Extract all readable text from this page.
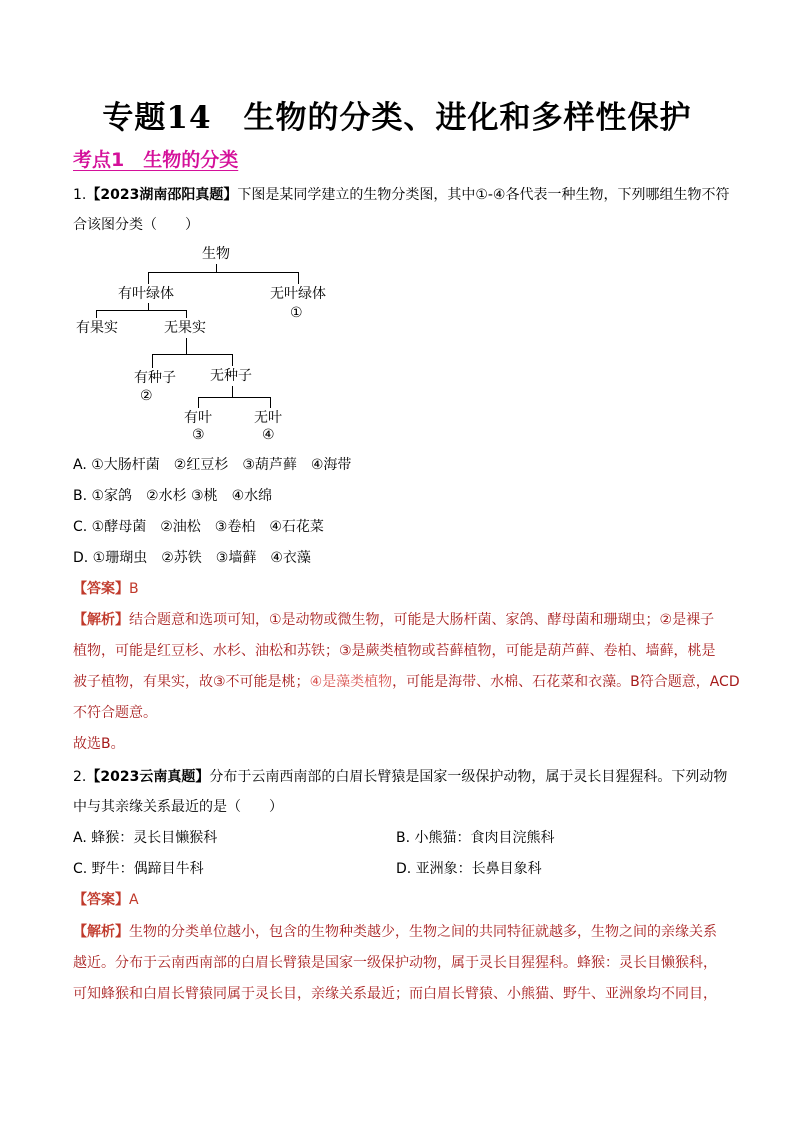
专题14　生物的分类、进化和多样性保护
考点1　生物的分类
1.【2023湖南邵阳真题】下图是某同学建立的生物分类图，其中①-④各代表一种生物，下列哪组生物不符
合该图分类（　　）
生物
有叶绿体	无叶绿体
①
有果实	无果实
有种子
②
无种子
有叶
③
无叶
④
A. ①大肠杆菌　②红豆杉　③葫芦藓　④海带
B. ①家鸽　②水杉 ③桃　④水绵
C. ①酵母菌　②油松　③卷柏　④石花菜
D. ①珊瑚虫　②苏铁　③墙藓　④衣藻
【答案】B
【解析】结合题意和选项可知，①是动物或微生物，可能是大肠杆菌、家鸽、酵母菌和珊瑚虫；②是裸子
植物，可能是红豆杉、水杉、油松和苏铁；③是蕨类植物或苔藓植物，可能是葫芦藓、卷柏、墙藓，桃是
被子植物，有果实，故③不可能是桃；④是藻类植物，可能是海带、水棉、石花菜和衣藻。B符合题意，ACD
不符合题意。
故选B。
2.【2023云南真题】分布于云南西南部的白眉长臂猿是国家一级保护动物，属于灵长目猩猩科。下列动物
中与其亲缘关系最近的是（　　）
A. 蜂猴：灵长目懒猴科	B. 小熊猫：食肉目浣熊科
C. 野牛：偶蹄目牛科	D. 亚洲象：长鼻目象科
【答案】A
【解析】生物的分类单位越小，包含的生物种类越少，生物之间的共同特征就越多，生物之间的亲缘关系
越近。分布于云南西南部的白眉长臂猿是国家一级保护动物，属于灵长目猩猩科。蜂猴：灵长目懒猴科，
可知蜂猴和白眉长臂猿同属于灵长目，亲缘关系最近；而白眉长臂猿、小熊猫、野牛、亚洲象均不同目，
